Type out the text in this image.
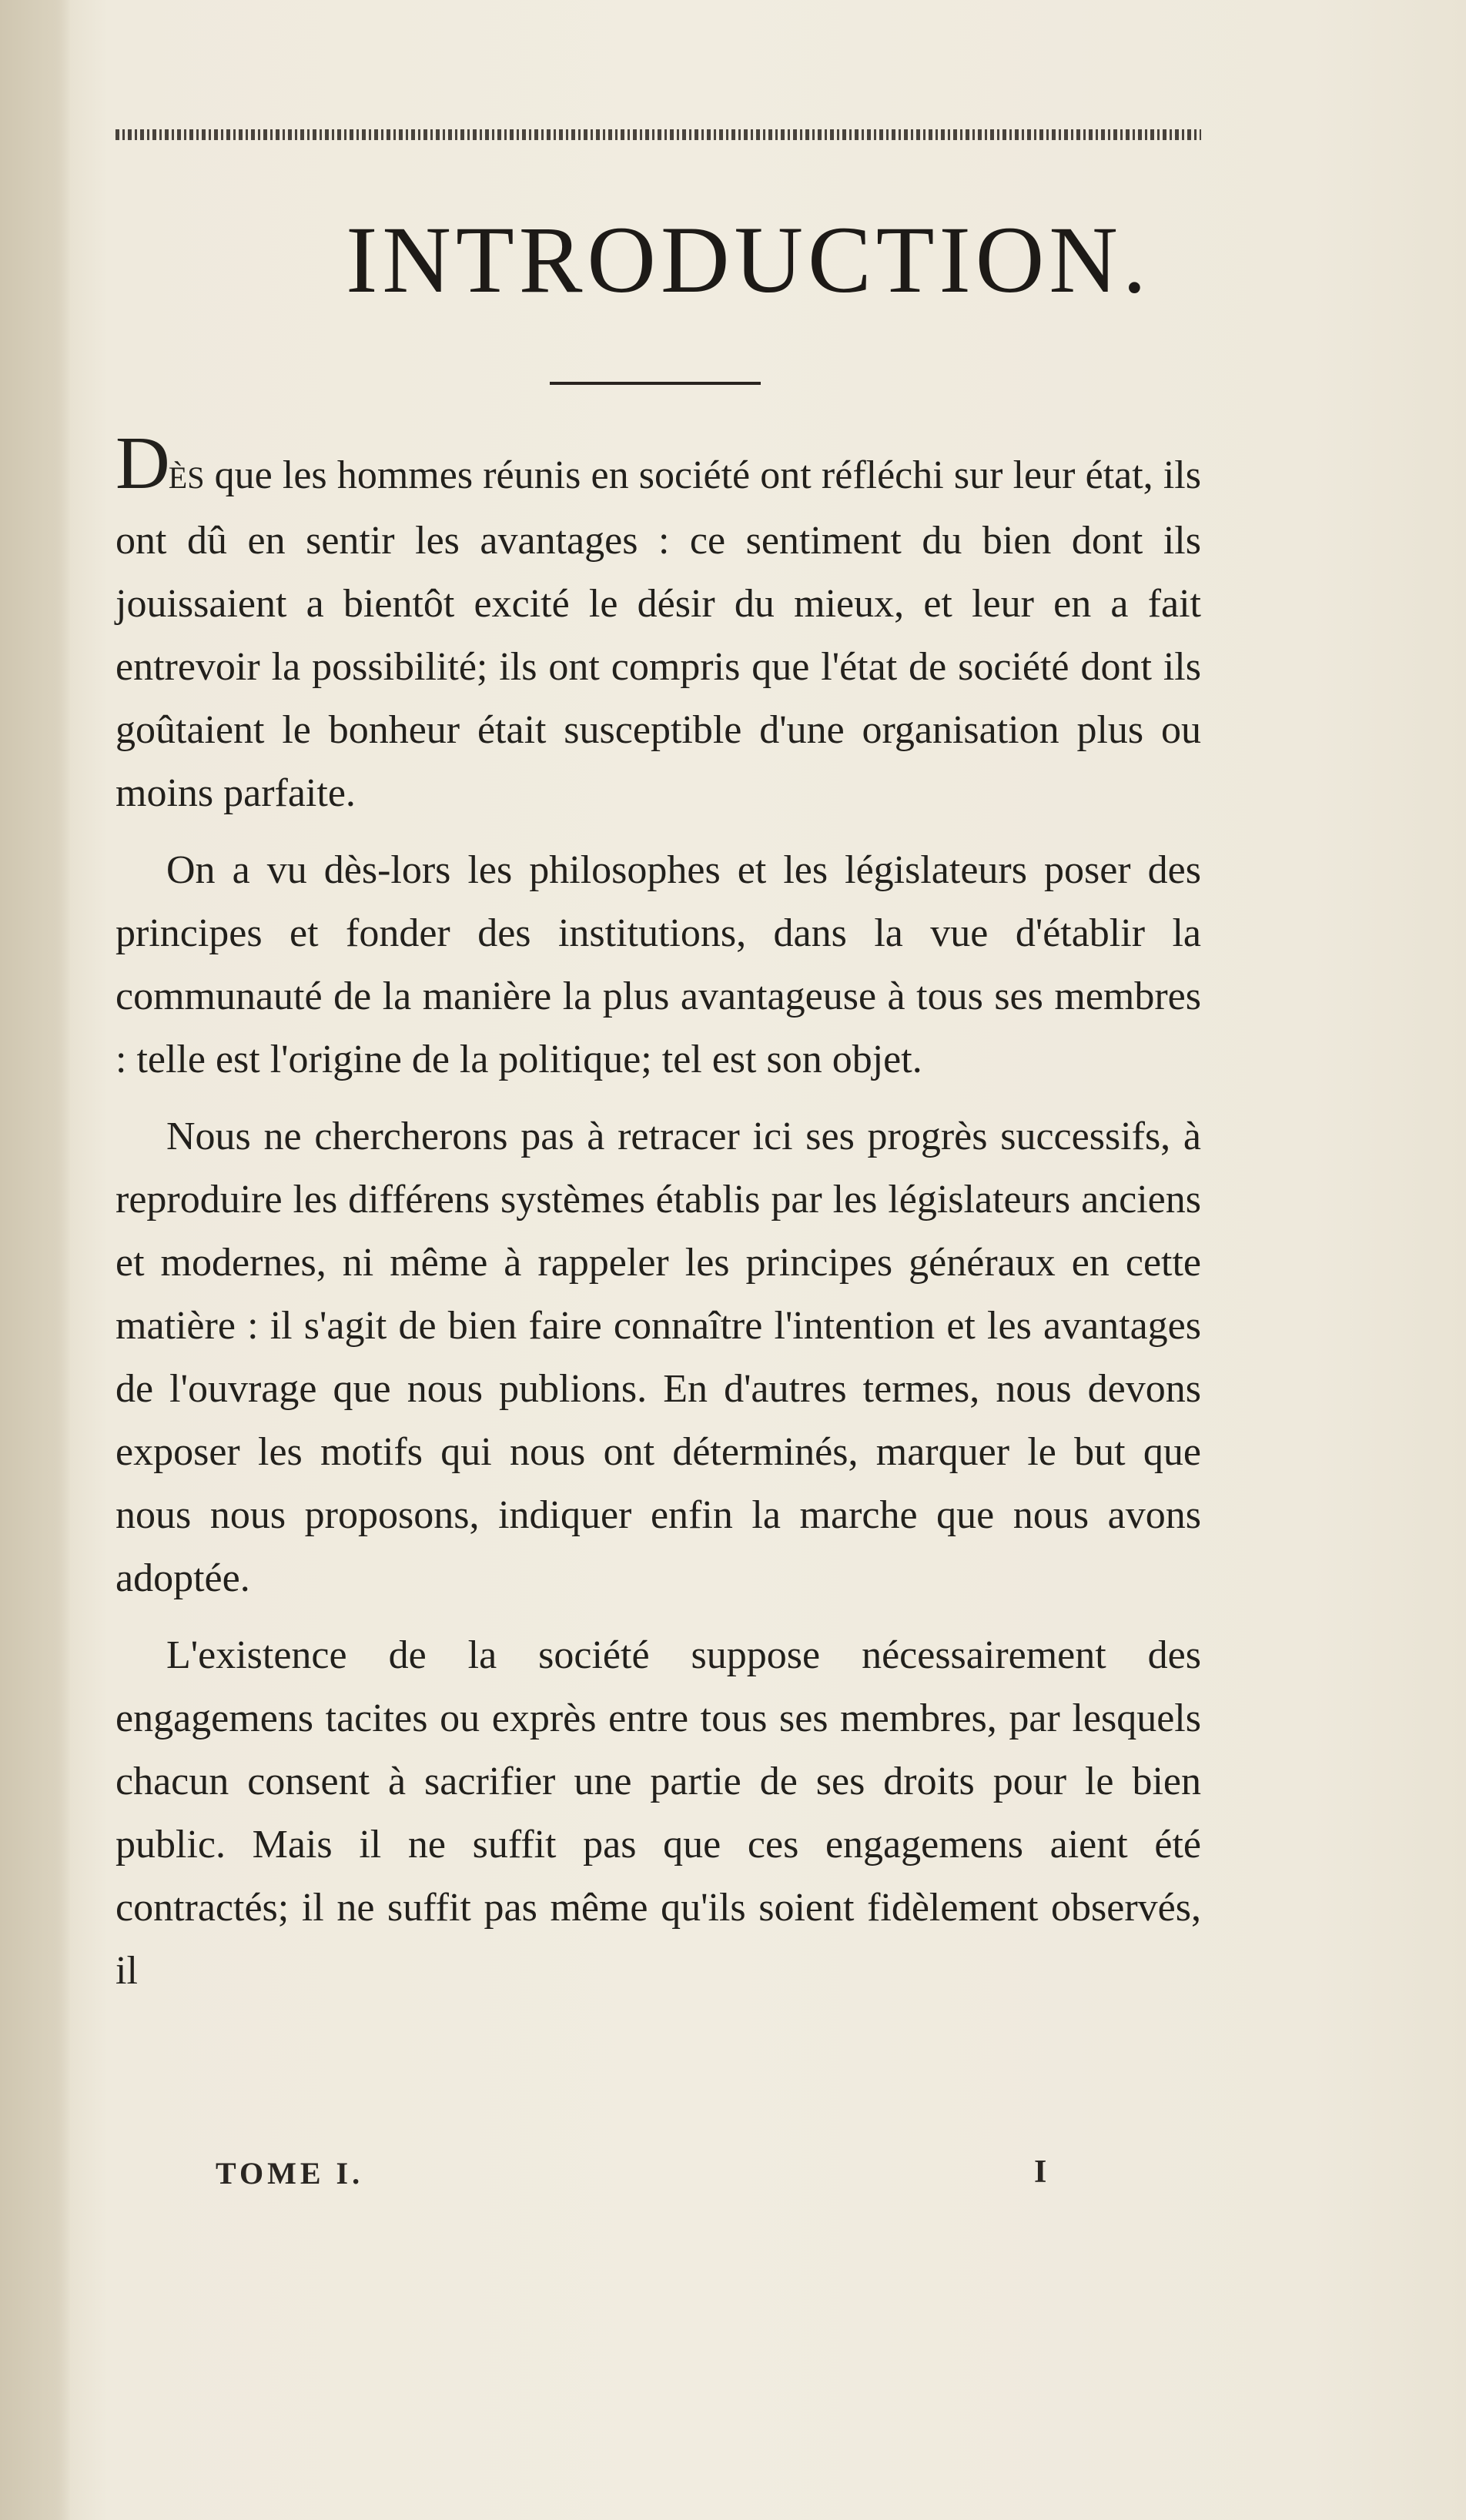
INTRODUCTION.

DÈS que les hommes réunis en société ont réfléchi sur leur état, ils ont dû en sentir les avantages : ce sentiment du bien dont ils jouissaient a bientôt excité le désir du mieux, et leur en a fait entrevoir la possibilité; ils ont compris que l'état de société dont ils goûtaient le bonheur était susceptible d'une organisation plus ou moins parfaite.

On a vu dès-lors les philosophes et les législateurs poser des principes et fonder des institutions, dans la vue d'établir la communauté de la manière la plus avantageuse à tous ses membres : telle est l'origine de la politique; tel est son objet.

Nous ne chercherons pas à retracer ici ses progrès successifs, à reproduire les différens systèmes établis par les législateurs anciens et modernes, ni même à rappeler les principes généraux en cette matière : il s'agit de bien faire connaître l'intention et les avantages de l'ouvrage que nous publions. En d'autres termes, nous devons exposer les motifs qui nous ont déterminés, marquer le but que nous nous proposons, indiquer enfin la marche que nous avons adoptée.

L'existence de la société suppose nécessairement des engagemens tacites ou exprès entre tous ses membres, par lesquels chacun consent à sacrifier une partie de ses droits pour le bien public. Mais il ne suffit pas que ces engagemens aient été contractés; il ne suffit pas même qu'ils soient fidèlement observés, il

TOME I.	I
